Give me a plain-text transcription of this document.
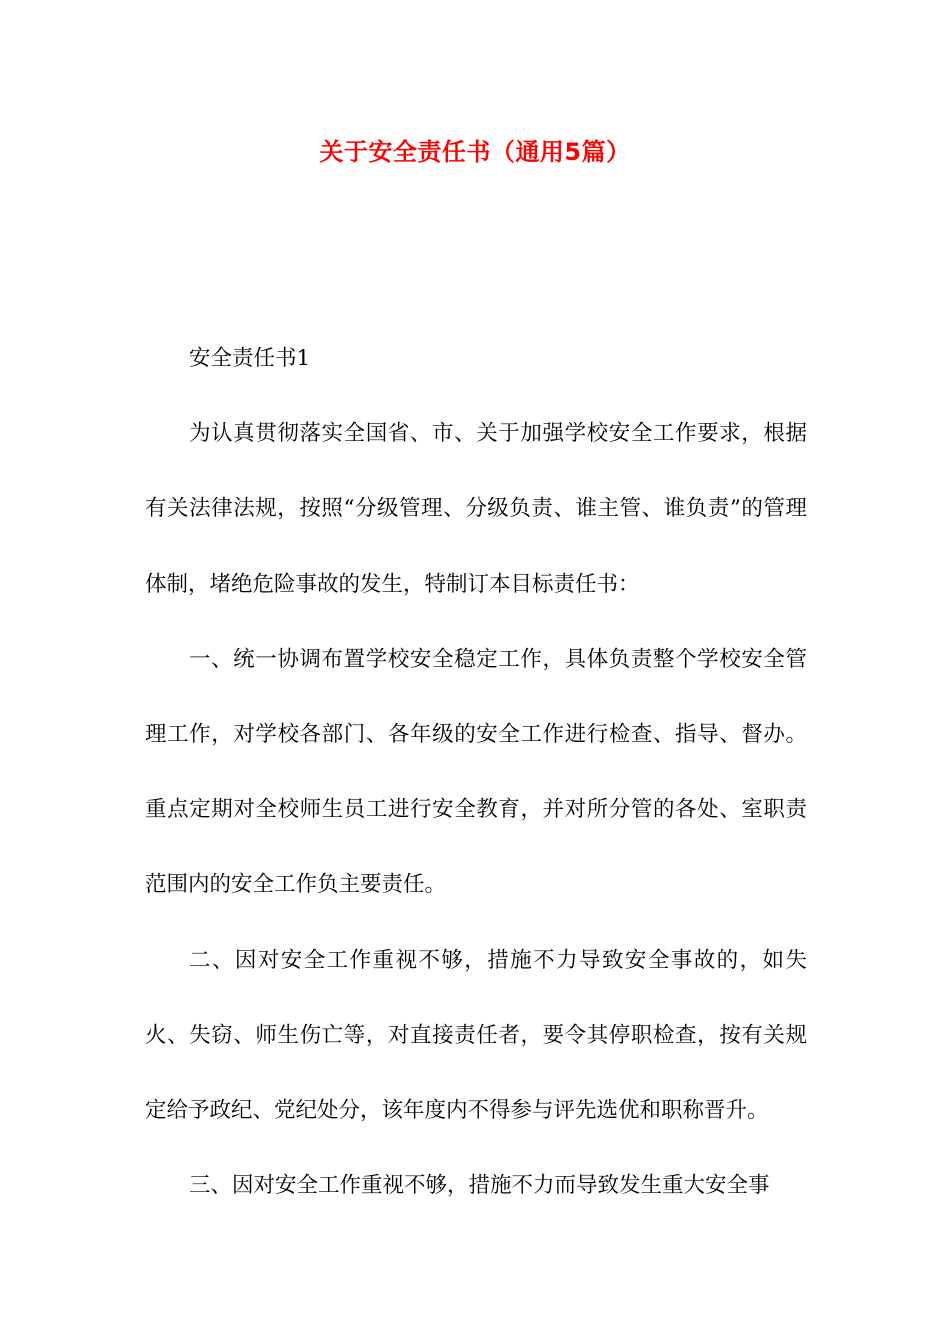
关于安全责任书（通用5篇）

安全责任书1

为认真贯彻落实全国省、市、关于加强学校安全工作要求，根据有关法律法规，按照“分级管理、分级负责、谁主管、谁负责”的管理体制，堵绝危险事故的发生，特制订本目标责任书：

一、统一协调布置学校安全稳定工作，具体负责整个学校安全管理工作，对学校各部门、各年级的安全工作进行检查、指导、督办。重点定期对全校师生员工进行安全教育，并对所分管的各处、室职责范围内的安全工作负主要责任。

二、因对安全工作重视不够，措施不力导致安全事故的，如失火、失窃、师生伤亡等，对直接责任者，要令其停职检查，按有关规定给予政纪、党纪处分，该年度内不得参与评先选优和职称晋升。

三、因对安全工作重视不够，措施不力而导致发生重大安全事
